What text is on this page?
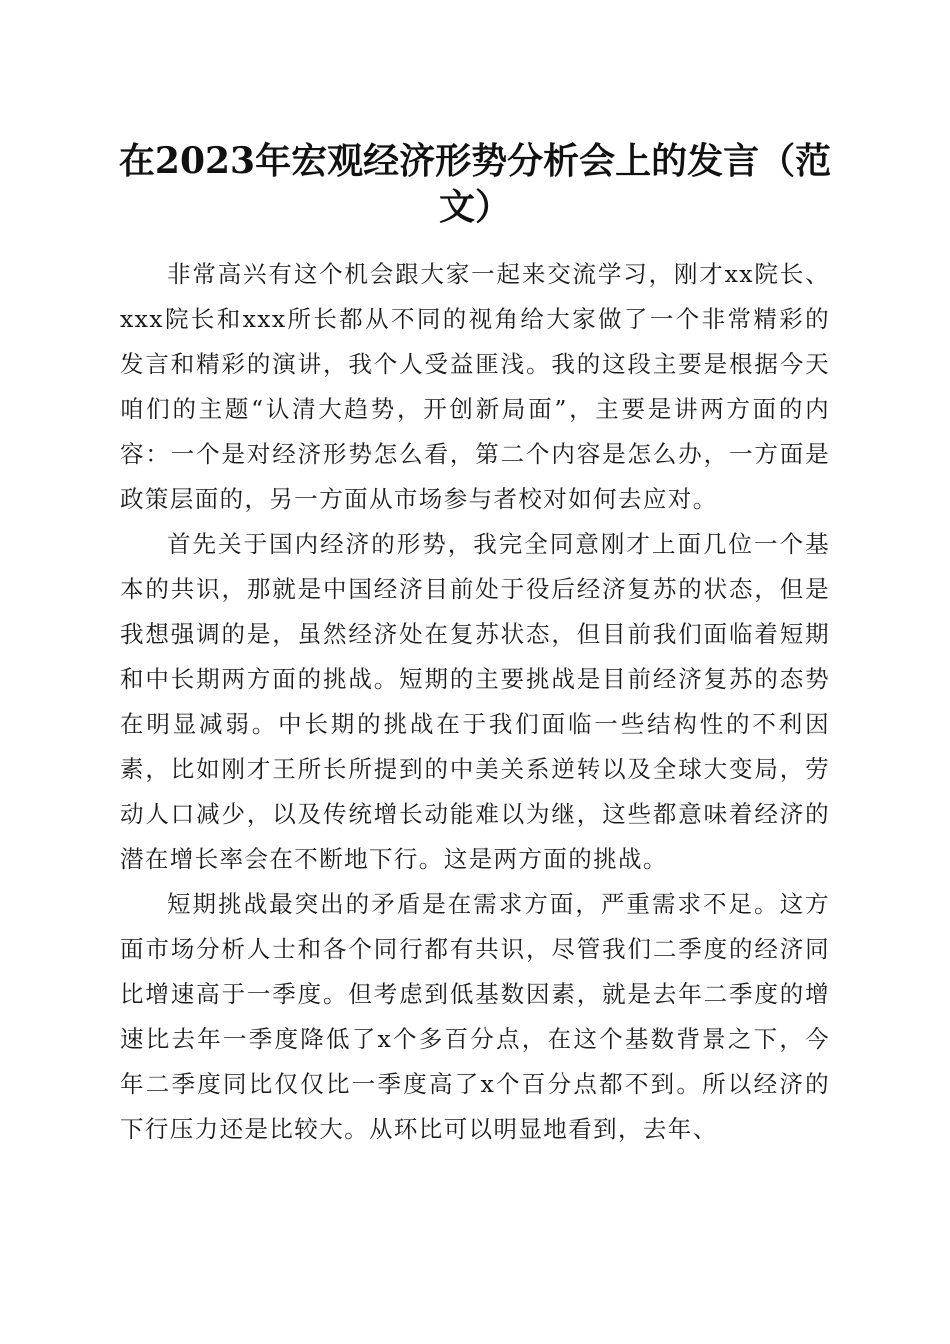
在2023年宏观经济形势分析会上的发言（范文）

非常高兴有这个机会跟大家一起来交流学习，刚才xx院长、xxx院长和xxx所长都从不同的视角给大家做了一个非常精彩的发言和精彩的演讲，我个人受益匪浅。我的这段主要是根据今天咱们的主题“认清大趋势，开创新局面”，主要是讲两方面的内容：一个是对经济形势怎么看，第二个内容是怎么办，一方面是政策层面的，另一方面从市场参与者校对如何去应对。

首先关于国内经济的形势，我完全同意刚才上面几位一个基本的共识，那就是中国经济目前处于役后经济复苏的状态，但是我想强调的是，虽然经济处在复苏状态，但目前我们面临着短期和中长期两方面的挑战。短期的主要挑战是目前经济复苏的态势在明显减弱。中长期的挑战在于我们面临一些结构性的不利因素，比如刚才王所长所提到的中美关系逆转以及全球大变局，劳动人口减少，以及传统增长动能难以为继，这些都意味着经济的潜在增长率会在不断地下行。这是两方面的挑战。

短期挑战最突出的矛盾是在需求方面，严重需求不足。这方面市场分析人士和各个同行都有共识，尽管我们二季度的经济同比增速高于一季度。但考虑到低基数因素，就是去年二季度的增速比去年一季度降低了x个多百分点，在这个基数背景之下，今年二季度同比仅仅比一季度高了x个百分点都不到。所以经济的下行压力还是比较大。从环比可以明显地看到，去年、
